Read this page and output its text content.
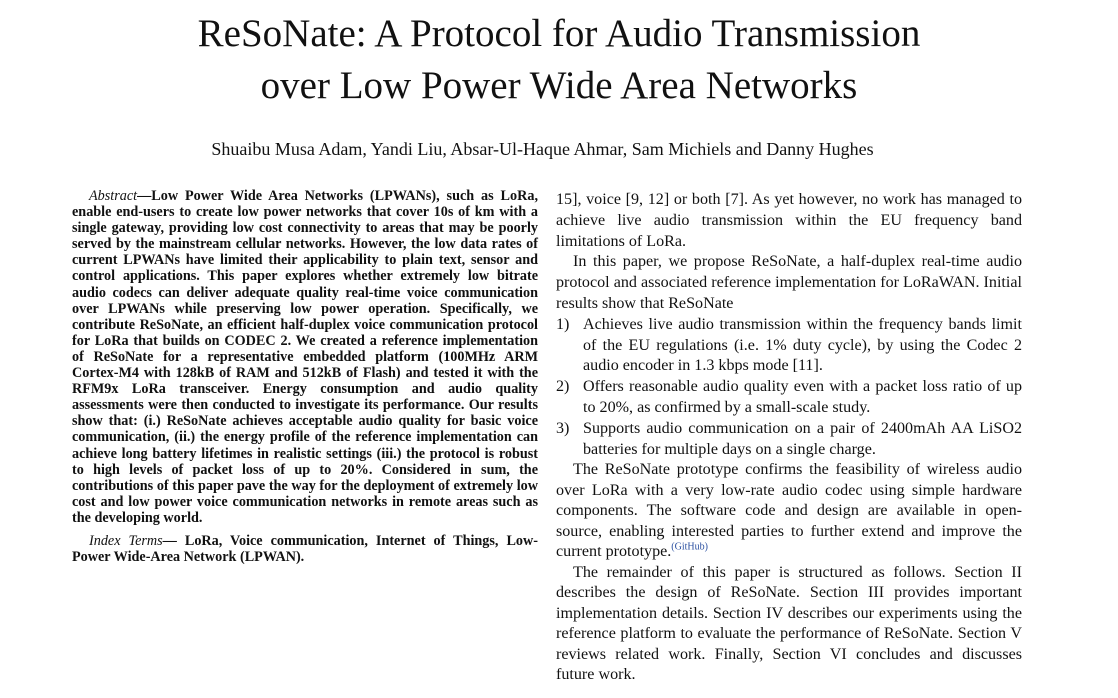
ReSoNate: A Protocol for Audio Transmission
over Low Power Wide Area Networks
Shuaibu Musa Adam, Yandi Liu, Absar-Ul-Haque Ahmar, Sam Michiels and Danny Hughes

Abstract—Low Power Wide Area Networks (LPWANs), such as LoRa, enable end-users to create low power networks that cover 10s of km with a single gateway, providing low cost connectivity to areas that may be poorly served by the mainstream cellular networks. However, the low data rates of current LPWANs have limited their applicability to plain text, sensor and control applications. This paper explores whether extremely low bitrate audio codecs can deliver adequate quality real-time voice communication over LPWANs while preserving low power operation. Specifically, we contribute ReSoNate, an efficient half-duplex voice communication protocol for LoRa that builds on CODEC 2. We created a reference implementation of ReSoNate for a representative embedded platform (100MHz ARM Cortex-M4 with 128kB of RAM and 512kB of Flash) and tested it with the RFM9x LoRa transceiver. Energy consumption and audio quality assessments were then conducted to investigate its performance. Our results show that: (i.) ReSoNate achieves acceptable audio quality for basic voice communication, (ii.) the energy profile of the reference implementation can achieve long battery lifetimes in realistic settings (iii.) the protocol is robust to high levels of packet loss of up to 20%. Considered in sum, the contributions of this paper pave the way for the deployment of extremely low cost and low power voice communication networks in remote areas such as the developing world.

Index Terms— LoRa, Voice communication, Internet of Things, Low-Power Wide-Area Network (LPWAN).

15], voice [9, 12] or both [7]. As yet however, no work has managed to achieve live audio transmission within the EU frequency band limitations of LoRa.

In this paper, we propose ReSoNate, a half-duplex real-time audio protocol and associated reference implementation for LoRaWAN. Initial results show that ReSoNate

1) Achieves live audio transmission within the frequency bands limit of the EU regulations (i.e. 1% duty cycle), by using the Codec 2 audio encoder in 1.3 kbps mode [11].
2) Offers reasonable audio quality even with a packet loss ratio of up to 20%, as confirmed by a small-scale study.
3) Supports audio communication on a pair of 2400mAh AA LiSO2 batteries for multiple days on a single charge.

The ReSoNate prototype confirms the feasibility of wireless audio over LoRa with a very low-rate audio codec using simple hardware components. The software code and design are available in open-source, enabling interested parties to further extend and improve the current prototype.$^{(GitHub)}$

The remainder of this paper is structured as follows. Section II describes the design of ReSoNate. Section III provides important implementation details. Section IV describes our experiments using the reference platform to evaluate the performance of ReSoNate. Section V reviews related work. Finally, Section VI concludes and discusses future work.
